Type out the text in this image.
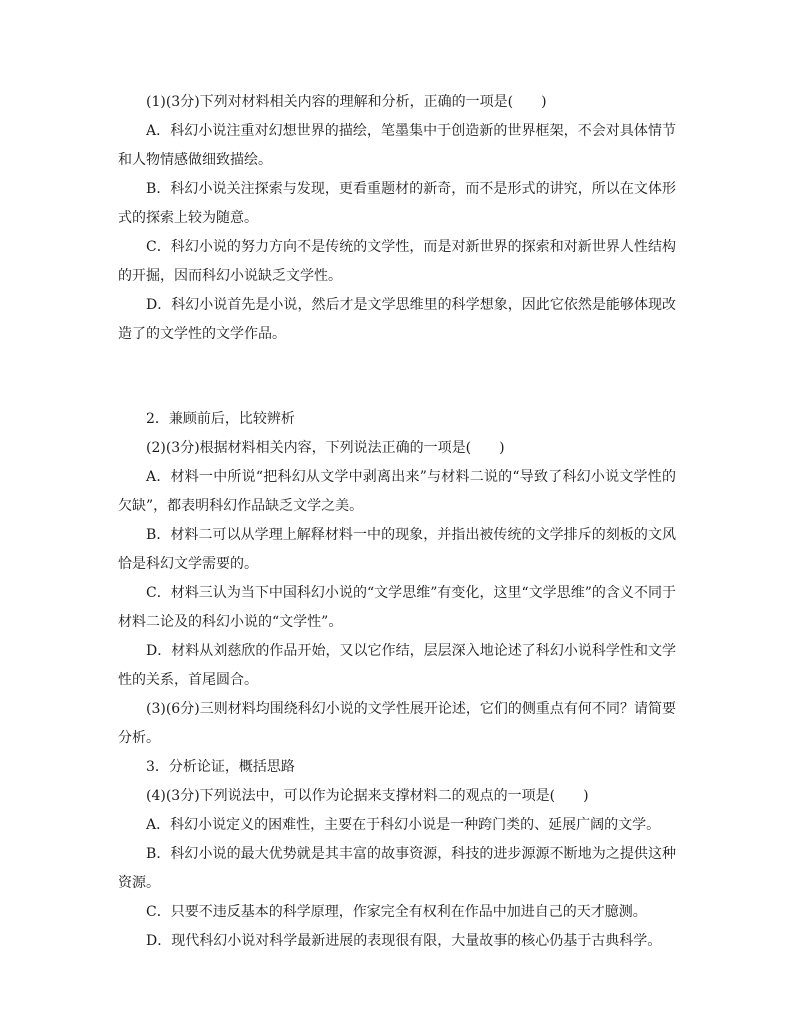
(1)(3分)下列对材料相关内容的理解和分析，正确的一项是(　　)

A．科幻小说注重对幻想世界的描绘，笔墨集中于创造新的世界框架，不会对具体情节和人物情感做细致描绘。

B．科幻小说关注探索与发现，更看重题材的新奇，而不是形式的讲究，所以在文体形式的探索上较为随意。

C．科幻小说的努力方向不是传统的文学性，而是对新世界的探索和对新世界人性结构的开掘，因而科幻小说缺乏文学性。

D．科幻小说首先是小说，然后才是文学思维里的科学想象，因此它依然是能够体现改造了的文学性的文学作品。

2．兼顾前后，比较辨析

(2)(3分)根据材料相关内容，下列说法正确的一项是(　　)

A．材料一中所说“把科幻从文学中剥离出来”与材料二说的“导致了科幻小说文学性的欠缺”，都表明科幻作品缺乏文学之美。

B．材料二可以从学理上解释材料一中的现象，并指出被传统的文学排斥的刻板的文风恰是科幻文学需要的。

C．材料三认为当下中国科幻小说的“文学思维”有变化，这里“文学思维”的含义不同于材料二论及的科幻小说的“文学性”。

D．材料从刘慈欣的作品开始，又以它作结，层层深入地论述了科幻小说科学性和文学性的关系，首尾圆合。

(3)(6分)三则材料均围绕科幻小说的文学性展开论述，它们的侧重点有何不同？请简要分析。

3．分析论证，概括思路

(4)(3分)下列说法中，可以作为论据来支撑材料二的观点的一项是(　　)

A．科幻小说定义的困难性，主要在于科幻小说是一种跨门类的、延展广阔的文学。

B．科幻小说的最大优势就是其丰富的故事资源，科技的进步源源不断地为之提供这种资源。

C．只要不违反基本的科学原理，作家完全有权利在作品中加进自己的天才臆测。

D．现代科幻小说对科学最新进展的表现很有限，大量故事的核心仍基于古典科学。
